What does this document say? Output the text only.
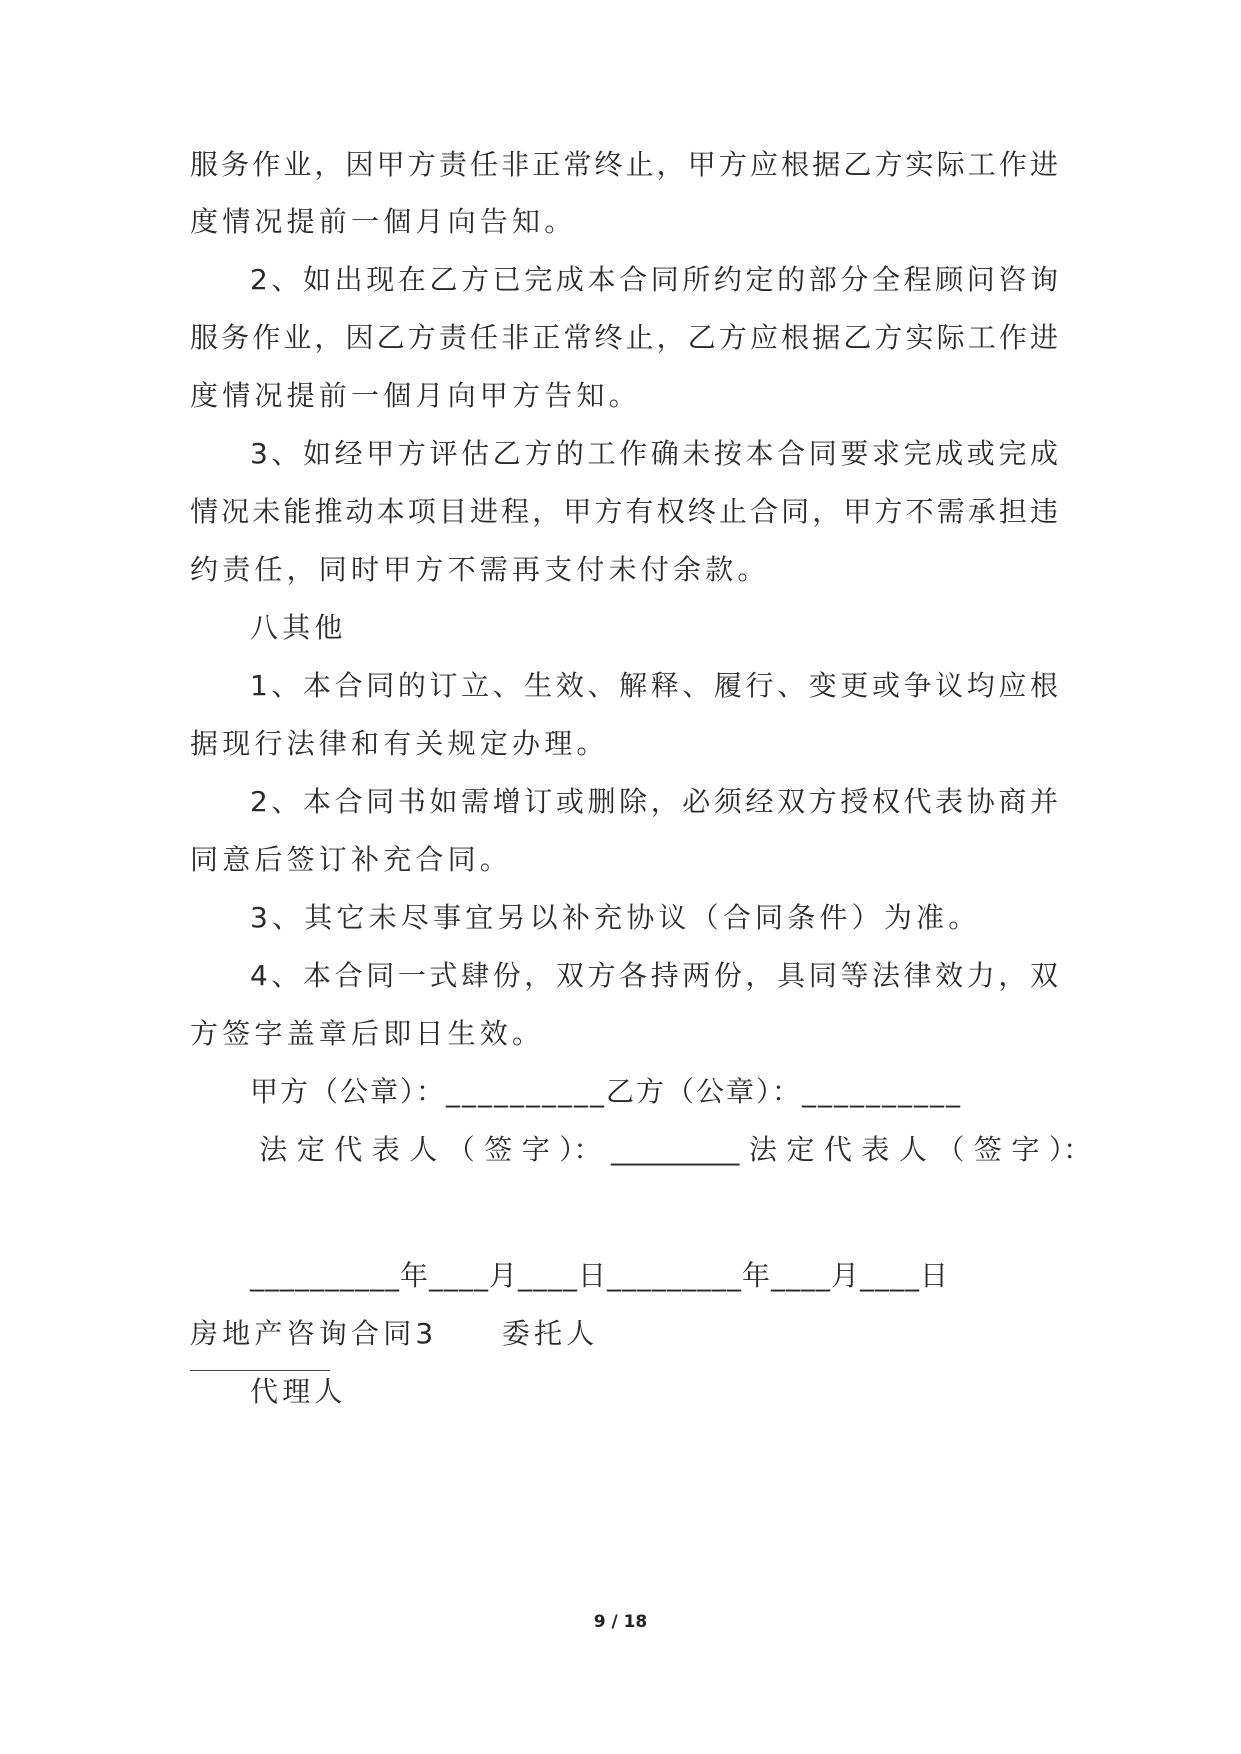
服务作业，因甲方责任非正常终止，甲方应根据乙方实际工作进
度情况提前一個月向告知。
2、如出现在乙方已完成本合同所约定的部分全程顾问咨询
服务作业，因乙方责任非正常终止，乙方应根据乙方实际工作进
度情况提前一個月向甲方告知。
3、如经甲方评估乙方的工作确未按本合同要求完成或完成
情况未能推动本项目进程，甲方有权终止合同，甲方不需承担违
约责任，同时甲方不需再支付未付余款。
八其他
1、本合同的订立、生效、解释、履行、变更或争议均应根
据现行法律和有关规定办理。
2、本合同书如需增订或删除，必须经双方授权代表协商并
同意后签订补充合同。
3、其它未尽事宜另以补充协议（合同条件）为准。
4、本合同一式肆份，双方各持两份，具同等法律效力，双
方签字盖章后即日生效。
甲方（公章）：__________乙方（公章）：__________
法 定 代 表 人 （ 签 字 ）： _________ 法 定 代 表 人 （ 签 字 ）：
__________年____月____日_________年____月____日
房地产咨询合同3　　委托人
代理人
9 / 18
